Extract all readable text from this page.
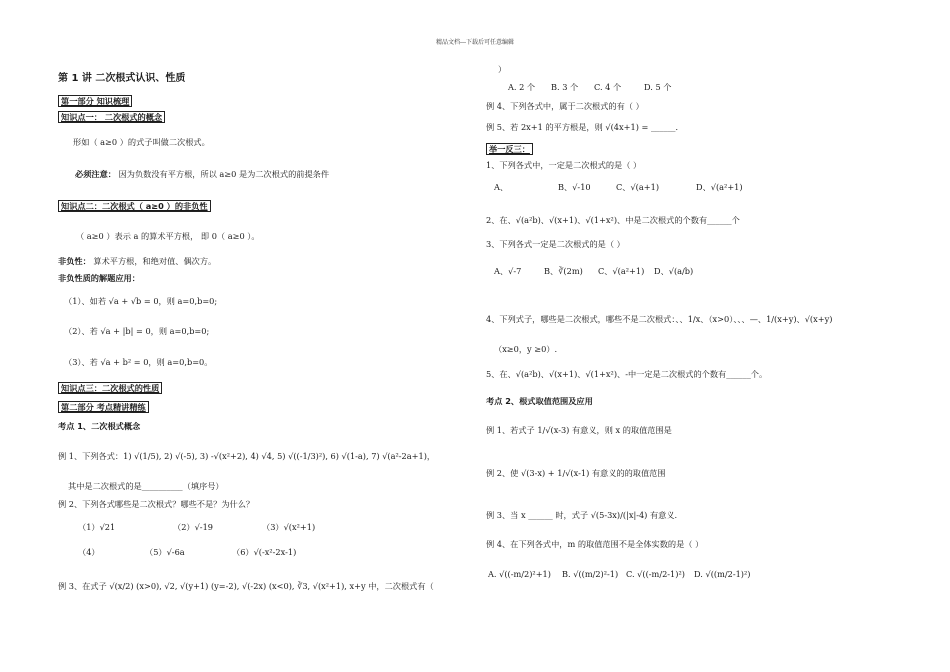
精品文档---下载后可任意编辑
第 1 讲 二次根式认识、性质
第一部分 知识梳理
知识点一： 二次根式的概念
形如（ a≥0 ）的式子叫做二次根式。
必须注意： 因为负数没有平方根，所以 a≥0 是为二次根式的前提条件
知识点二：二次根式（ a≥0 ）的非负性
（ a≥0 ）表示 a 的算术平方根， 即 0（ a≥0 ）。
非负性： 算术平方根，和绝对值、偶次方。
非负性质的解题应用：
（1）、如若 √a + √b = 0，则 a=0,b=0;
（2）、若 √a + |b| = 0，则 a=0,b=0;
（3）、若 √a + b² = 0，则 a=0,b=0。
知识点三：二次根式的性质
第二部分 考点精讲精练
考点 1、二次根式概念
例 1、下列各式：1) √(1/5), 2) √(-5), 3) -√(x²+2), 4) √4, 5) √((-1/3)²), 6) √(1-a), 7) √(a²-2a+1)，
其中是二次根式的是__________（填序号）
例 2、下列各式哪些是二次根式？哪些不是？为什么？
（1）√21	（2）√-19	（3）√(x²+1)
（4）	（5）√-6a	（6）√(-x²-2x-1)
例 3、在式子 √(x/2) (x>0), √2, √(y+1) (y=-2), √(-2x) (x<0), ∛3, √(x²+1), x+y 中，二次根式有（
）
A. 2 个 B. 3 个 C. 4 个	D. 5 个
例 4、下列各式中，属于二次根式的有（ ）
例 5、若 2x+1 的平方根是，则 √(4x+1) = ______．
举一反三：
1、下列各式中，一定是二次根式的是（ ）
A、	B、√-10	C、√(a+1)	D、√(a²+1)
2、在、√(a²b)、√(x+1)、√(1+x²)、中是二次根式的个数有______个
3、下列各式一定是二次根式的是（ ）
A、√-7	B、∛(2m) C、√(a²+1) D、√(a/b)
4、下列式子，哪些是二次根式，哪些不是二次根式：、、1/x、（x>0）、、、—、1/(x+y)、√(x+y)
（x≥0，y ≥0）.
5、在、√(a²b)、√(x+1)、√(1+x²)、-中一定是二次根式的个数有______个。
考点 2、根式取值范围及应用
例 1、若式子 1/√(x-3) 有意义，则 x 的取值范围是
例 2、使 √(3-x) + 1/√(x-1) 有意义的的取值范围
例 3、当 x ______ 时，式子 √(5-3x)/(|x|-4) 有意义.
例 4、在下列各式中，m 的取值范围不是全体实数的是（ ）
A. √((-m/2)²+1) B. √((m/2)²-1) C. √((-m/2-1)²) D. √((m/2-1)²)
